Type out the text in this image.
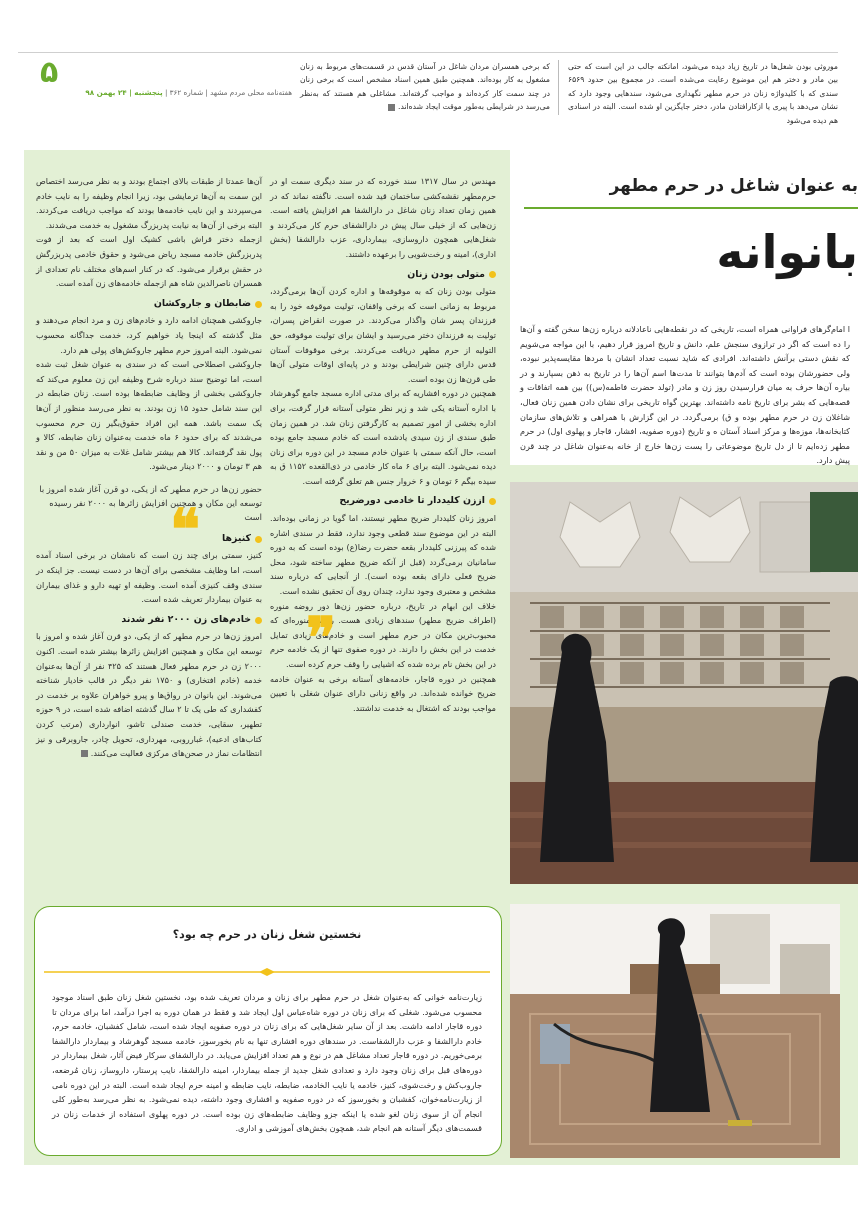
۵
هفته‌نامه محلی مردم مشهد | شماره ۳۶۲ | پنجشنبه | ۲۴ بهمن ۹۸
موروثی بودن شغل‌ها در تاریخ زیاد دیده می‌شود، امانکته جالب در این است که حتی بین مادر و دختر هم این موضوع رعایت می‌شده است. در مجموع بین حدود ۶۵۶۹ سندی که با کلیدواژه زنان در حرم مطهر نگهداری می‌شود، سندهایی وجود دارد که نشان می‌دهد با پیری یا ازکارافتادن مادر، دختر جایگزین او شده است. البته در اسنادی هم دیده می‌شود
که برخی همسران مردان شاغل در آستان قدس در قسمت‌های مربوط به زنان مشغول به کار بوده‌اند. همچنین طبق همین اسناد مشخص است که برخی زنان در چند سمت کار کرده‌اند و مواجب گرفته‌اند. مشاغلی هم هستند که به‌نظر می‌رسد در شرایطی به‌طور موقت ایجاد شده‌اند.
به عنوان شاغل در حرم مطهر
بانوانه
ا امام‌گرهای فراوانی همراه است، تاریخی که در نقطه‌هایی ناعادلانه درباره زن‌ها سخن گفته و آن‌ها را ده است که اگر در ترازوی سنجش علم، دانش و تاریخ امروز قرار دهیم، با این مواجه می‌شویم که نقش دستی برآنش داشته‌اند. افرادی که شاید نسبت تعداد انشان با مردها مقایسه‌پذیر نبوده، ولی حضورشان بوده است که آدم‌ها بتوانند تا مدت‌ها اسم آن‌ها را در تاریخ به ذهن بسپارند و در بیاره آن‌ها حرف به میان فرارسیدن روز زن و مادر (تولد حضرت فاطمه(س)) بین همه اتفاقات و قصه‌هایی که بشر برای تاریخ نامه داشته‌اند. بهترین گواه تاریخی برای نشان دادن همین زنان فعال، شاغلان زن در حرم مطهر بوده و ق) برمی‌گردد. در این گزارش با همراهی و تلاش‌های سازمان کتابخانه‌ها، موزه‌ها و مرکز اسناد آستان ه و تاریخ (دوره صفویه، افشار، قاجار و پهلوی اول) در حرم مطهر زده‌ایم تا از دل تاریخ موضوعاتی را یست زن‌ها خارج از خانه به‌عنوان شاغل در چند قرن پیش دارد.
مهندس در سال ۱۳۱۷ سند خورده که در سند دیگری سمت او در حرم‌مطهر نقشه‌کشی ساختمان قید شده است. ناگفته نماند که در همین زمان تعداد زنان شاغل در دارالشفا هم افزایش یافته است. زن‌هایی که از خیلی سال پیش در دارالشفای حرم کار می‌کردند و شغل‌هایی همچون داروسازی، بیمارداری، عزب دارالشفا (بخش اداری)، امینه و رخت‌شویی را برعهده داشتند.
متولی بودن زنان
متولی بودن زنان که به موقوفه‌ها و اداره کردن آن‌ها برمی‌گردد، مربوط به زمانی است که برخی واقفان، تولیت موقوفه خود را به فرزندان پسر شان واگذار می‌کردند. در صورت انقراض پسران، تولیت به فرزندان دختر می‌رسید و ایشان برای تولیت موقوفه، حق التولیه از حرم مطهر دریافت می‌کردند. برخی موقوفات آستان قدس دارای چنین شرایطی بودند و در پایه‌ای اوقات متولی آن‌ها طی قرن‌ها زن بوده است.
همچنین در دوره افشاریه که برای مدتی اداره مسجد جامع گوهرشاد با اداره آستانه یکی شد و زیر نظر متولی آستانه قرار گرفت، برای اداره بخشی از امور تصمیم به کارگرفتن زنان شد. در همین زمان طبق سندی از زن سیدی یادشده است که خادم مسجد جامع بوده است، حال آنکه سمتی با عنوان خادم مسجد در این دوره برای زنان دیده نمی‌شود. البته برای ۶ ماه کار خادمی در ذی‌القعده ۱۱۵۲ ق به سیده بیگم ۶ تومان و ۶ خروار جنس هم تعلق گرفته است.
اززن کلیددار تا خادمی دورضریح
امروز زنان کلیددار ضریح مطهر نیستند، اما گویا در زمانی بوده‌اند. البته در این موضوع سند قطعی وجود ندارد، فقط در سندی اشاره شده که پیرزنی کلیددار بقعه حضرت رضا(ع) بوده است که به دوره سامانیان برمی‌گردد (قبل از آنکه ضریح مطهر ساخته شود، محل ضریح فعلی دارای بقعه بوده است). از آنجایی که درباره سند مشخص و معتبری وجود ندارد، چندان روی آن تحقیق نشده است.
خلاف این ابهام در تاریخ، درباره حضور زن‌ها دور روضه منوره (اطراف ضریح مطهر) سندهای زیادی هست. روضه منوره‌ای که محبوب‌ترین مکان در حرم مطهر است و خادم‌های زیادی تمایل خدمت در این بخش را دارند. در دوره صفوی تنها از یک خادمه حرم در این بخش نام برده شده که اشیایی را وقف حرم کرده است.
همچنین در دوره قاجار، خادمه‌های آستانه برخی به عنوان خادمه ضریح خوانده شده‌اند. در واقع زنانی دارای عنوان شغلی با تعیین مواجب بودند که اشتغال به خدمت نداشتند.
❞
❝
آن‌ها عمدتا از طبقات بالای اجتماع بودند و به نظر می‌رسد اختصاص این سمت به آن‌ها ترمایشی بود، زیرا انجام وظیفه را به نایب خادم می‌سپردند و این نایب خادمه‌ها بودند که مواجب دریافت می‌کردند. البته برخی از آن‌ها به نیابت پدربزرگ مشغول به خدمت می‌شدند.
ازجمله دختر قراش باشی کشیک اول است که بعد از فوت پدربزرگش خادمه مسجد ریاض می‌شود و حقوق خادمی پدربزرگش در حقش برقرار می‌شود. که در کنار اسم‌های مختلف نام تعدادی از همسران ناصرالدین شاه هم ازجمله خادمه‌های زن آمده است.
ضابطان و جاروکشان
جاروکشی همچنان ادامه دارد و خادم‌های زن و مرد انجام می‌دهند و مثل گذشته که اینجا یاد خواهیم کرد، خدمت جداگانه محسوب نمی‌شود. البته امروز حرم مطهر جاروکش‌های پولی هم دارد.
جاروکشی اصطلاحی است که در سندی به عنوان شغل ثبت شده است، اما توضیح سند درباره شرح وظیفه این زن معلوم می‌کند که جاروکشی بخشی از وظایف ضابطه‌ها بوده است. زنان ضابطه در این سند شامل حدود ۱۵ زن بودند. به نظر می‌رسد منظور از آن‌ها یک سمت باشد. همه این افراد حقوق‌بگیر زن حرم محسوب می‌شدند که برای حدود ۶ ماه خدمت به‌عنوان زنان ضابطه، کالا و پول نقد گرفته‌اند. کالا هم بیشتر شامل غلات به میزان ۵۰ من و نقد هم ۳ تومان و ۲۰۰۰ دینار می‌شود.
حضور زن‌ها در حرم مطهر که از یکی، دو قرن آغاز شده امروز با توسعه این مکان و همچنین افزایش زائرها به ۲۰۰۰ نفر رسیده است
کنیزها
کنیز، سمتی برای چند زن است که نامشان در برخی اسناد آمده است، اما وظایف مشخصی برای آن‌ها در دست نیست. جز اینکه در سندی وقف کنیزی آمده است. وظیفه او تهیه دارو و غذای بیماران به عنوان بیماردار تعریف شده است.
خادم‌های زن ۲۰۰۰ نفر شدند
امروز زن‌ها در حرم مطهر که از یکی، دو قرن آغاز شده و امروز با توسعه این مکان و همچنین افزایش زائرها بیشتر شده است. اکنون ۲۰۰۰ زن در حرم مطهر فعال هستند که ۴۲۵ نفر از آن‌ها به‌عنوان خدمه (خادم افتخاری) و ۱۷۵۰ نفر دیگر در قالب خادیار شناخته می‌شوند. این بانوان در رواق‌ها و پیرو خواهران علاوه بر خدمت در کفشداری که طی یک تا ۲ سال گذشته اضافه شده است، در ۹ حوزه تطهیر، سقایی، خدمت صندلی تاشو، انوارداری (مرتب کردن کتاب‌های ادعیه)، غبارروبی، مهرداری، تحویل چادر، جاروبرقی و نیز انتظامات نماز در صحن‌های مرکزی فعالیت می‌کنند.
نخستین شغل زنان در حرم چه بود؟
زیارت‌نامه خوانی که به‌عنوان شغل در حرم مطهر برای زنان و مردان تعریف شده بود، نخستین شغل زنان طبق اسناد موجود محسوب می‌شود. شغلی که برای زنان در دوره شاه‌عباس اول ایجاد شد و فقط در همان دوره به اجرا درآمد، اما برای مردان تا دوره قاجار ادامه داشت. بعد از آن سایر شغل‌هایی که برای زنان در دوره صفویه ایجاد شده است، شامل کفشبان، خادمه حرم، خادم دارالشفا و عزب دارالشفاست. در سندهای دوره افشاری تنها به نام بخورسوز، خادمه مسجد گوهرشاد و بیماردار دارالشفا برمی‌خوریم. در دوره قاجار تعداد مشاغل هم در نوع و هم تعداد افزایش می‌یابد. در دارالشفای سرکار فیض آثار، شغل بیماردار در دوره‌های قبل برای زنان وجود دارد و تعدادی شغل جدید از جمله بیماردار، امینه دارالشفا، نایب پرستار، داروساز، زنان مُرضعه، جاروب‌کش و رخت‌شوی، کنیز، خادمه یا نایب الخادمه، ضابطه، نایب ضابطه و امینه حرم ایجاد شده است. البته در این دوره نامی از زیارت‌نامه‌خوان، کفشبان و بخورسوز که در دوره صفویه و افشاری وجود داشته، دیده نمی‌شود. به نظر می‌رسد به‌طور کلی انجام آن از سوی زنان لغو شده یا اینکه جزو وظایف ضابطه‌های زن بوده است. در دوره پهلوی استفاده از خدمات زنان در قسمت‌های دیگر آستانه هم انجام شد، همچون بخش‌های آموزشی و اداری.
